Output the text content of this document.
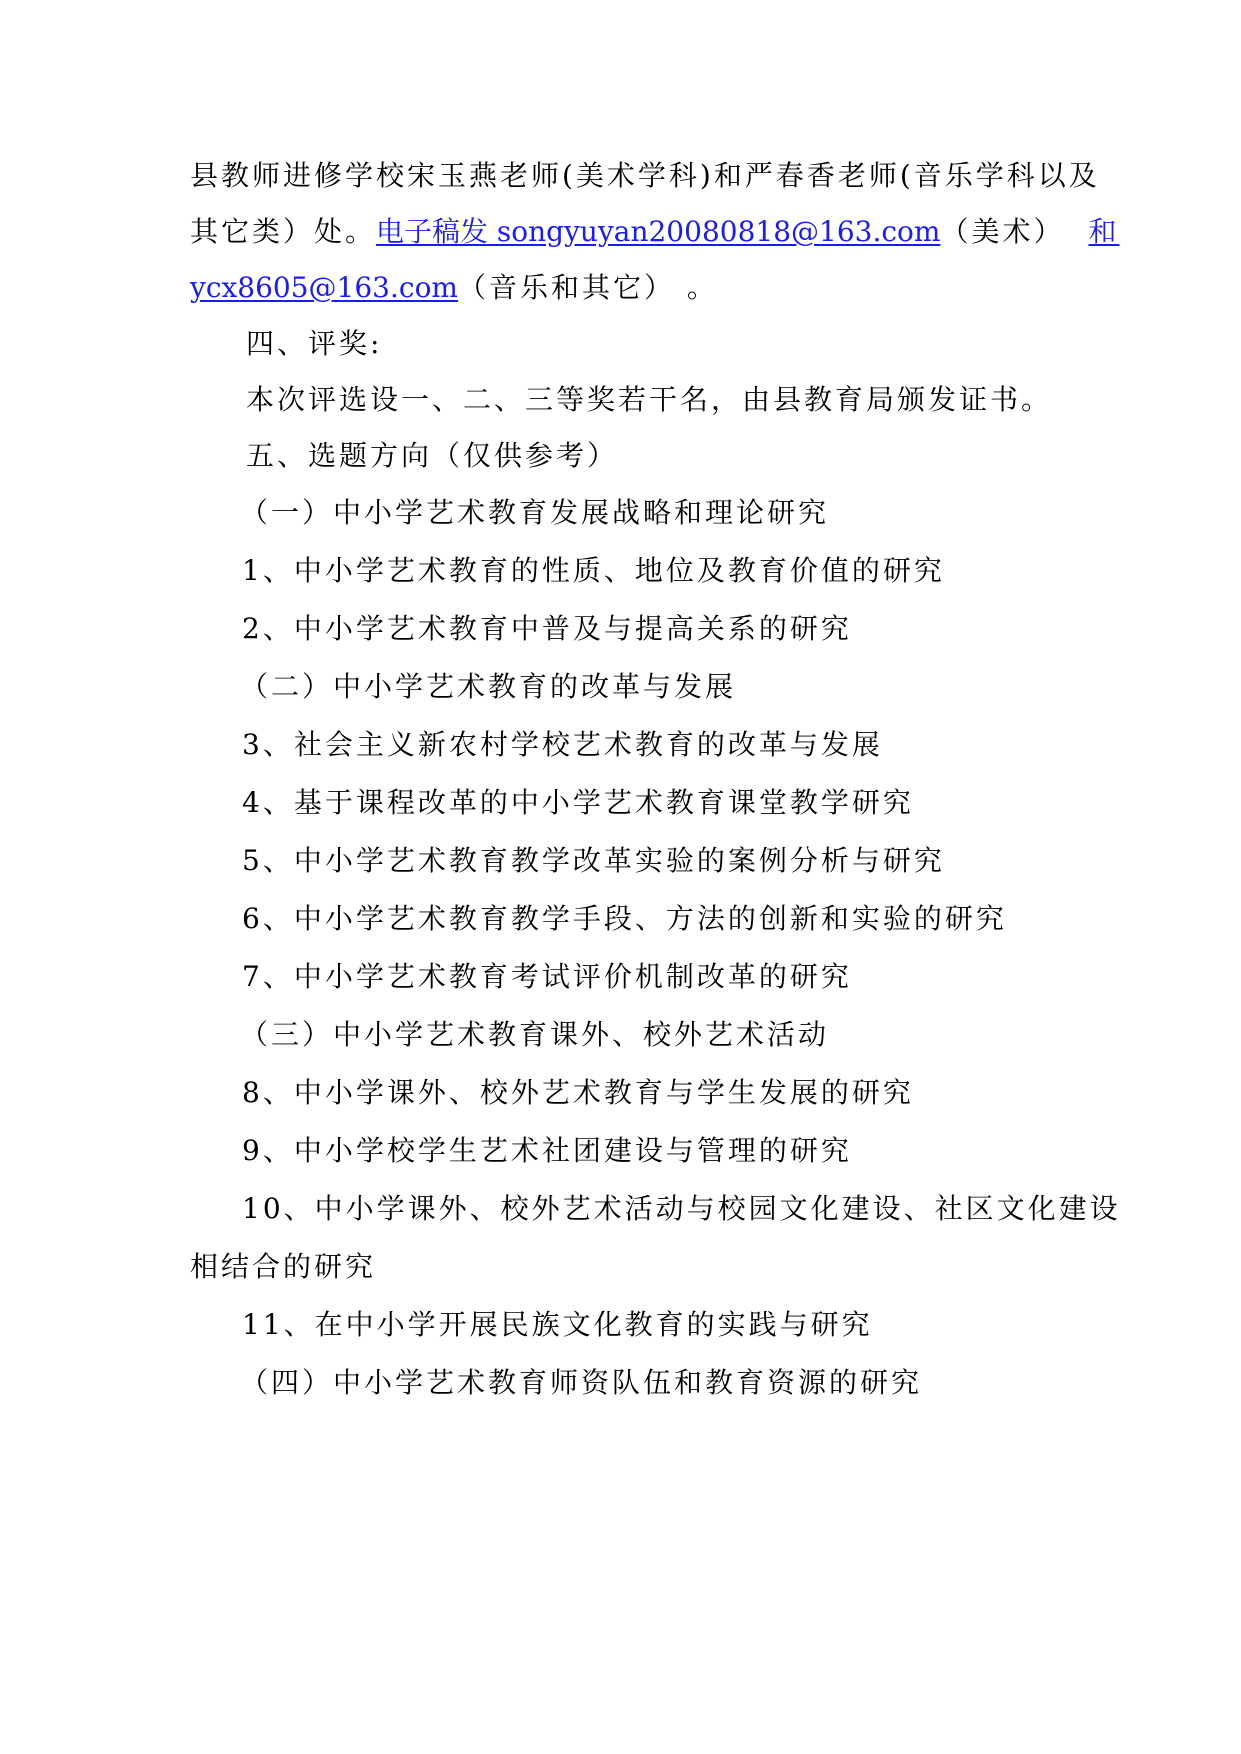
县教师进修学校宋玉燕老师(美术学科)和严春香老师(音乐学科以及
其它类）处。电子稿发 songyuyan20080818@163.com（美术） 和
ycx8605@163.com（音乐和其它） 。
四、评奖:
本次评选设一、二、三等奖若干名，由县教育局颁发证书。
五、选题方向（仅供参考）
（一）中小学艺术教育发展战略和理论研究
1、中小学艺术教育的性质、地位及教育价值的研究
2、中小学艺术教育中普及与提高关系的研究
（二）中小学艺术教育的改革与发展
3、社会主义新农村学校艺术教育的改革与发展
4、基于课程改革的中小学艺术教育课堂教学研究
5、中小学艺术教育教学改革实验的案例分析与研究
6、中小学艺术教育教学手段、方法的创新和实验的研究
7、中小学艺术教育考试评价机制改革的研究
（三）中小学艺术教育课外、校外艺术活动
8、中小学课外、校外艺术教育与学生发展的研究
9、中小学校学生艺术社团建设与管理的研究
10、中小学课外、校外艺术活动与校园文化建设、社区文化建设
相结合的研究
11、在中小学开展民族文化教育的实践与研究
（四）中小学艺术教育师资队伍和教育资源的研究
